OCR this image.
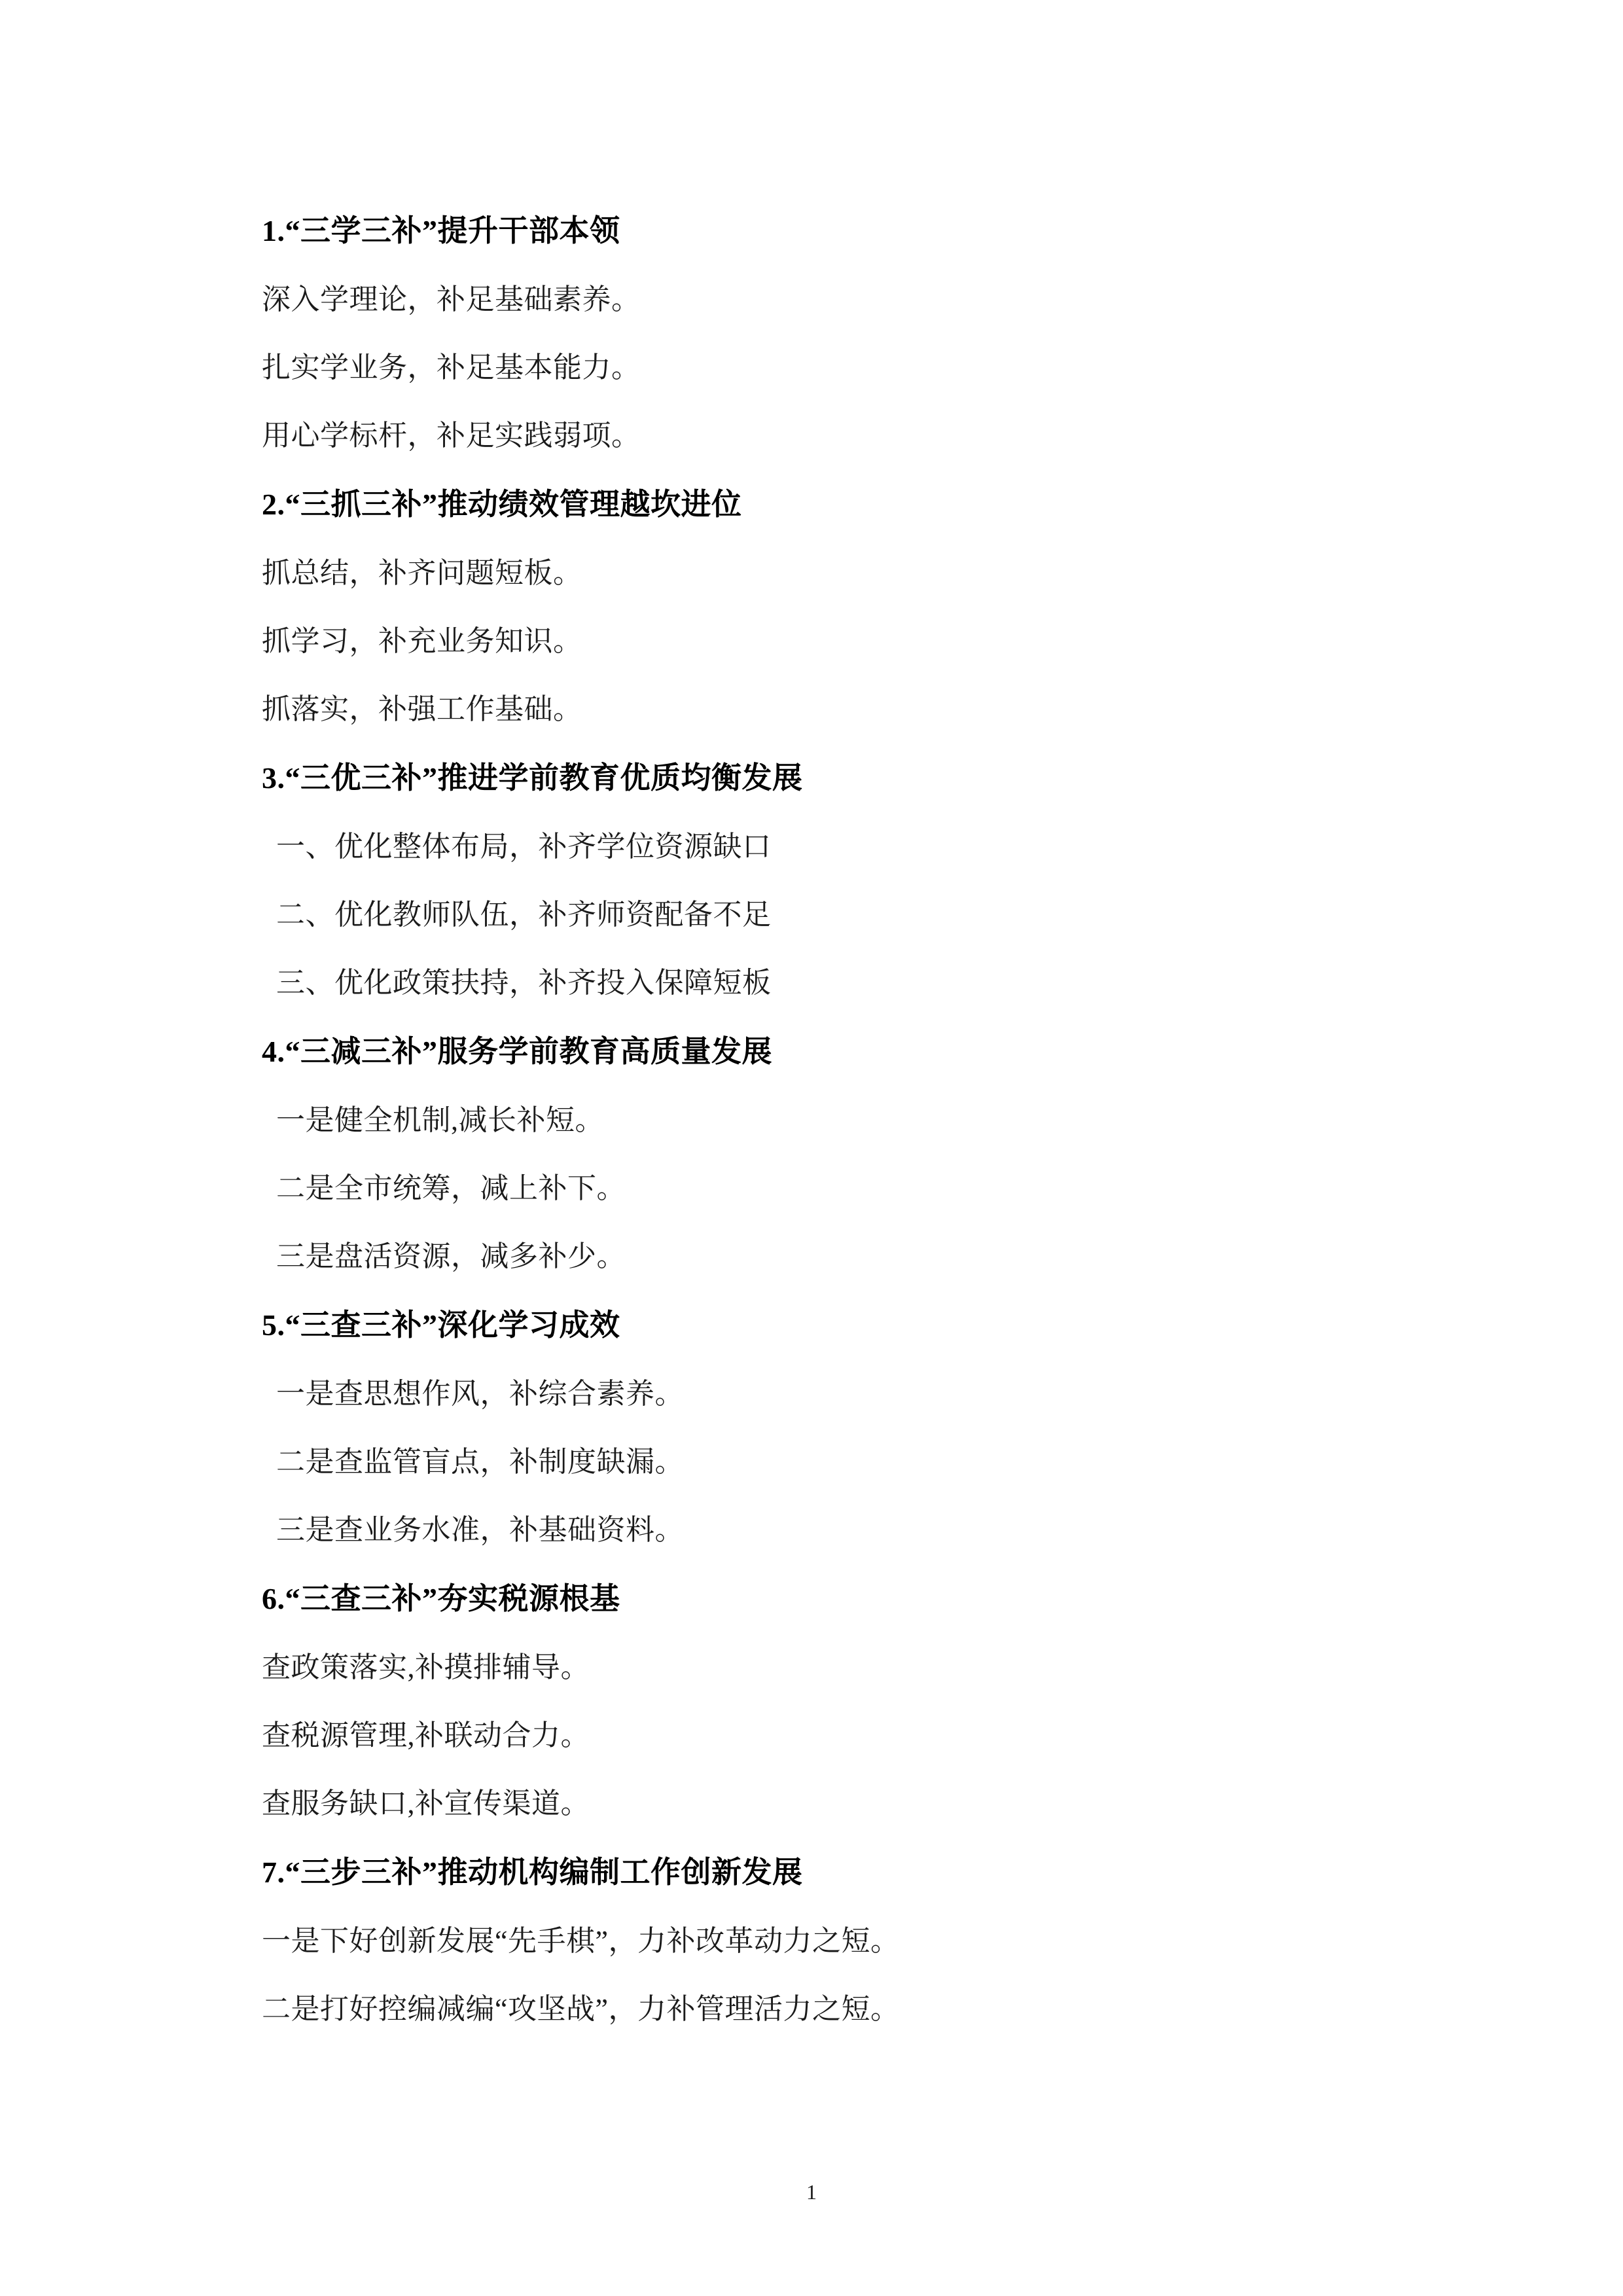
1.“三学三补”提升干部本领

深入学理论，补足基础素养。

扎实学业务，补足基本能力。

用心学标杆，补足实践弱项。

2.“三抓三补”推动绩效管理越坎进位

抓总结，补齐问题短板。

抓学习，补充业务知识。

抓落实，补强工作基础。

3.“三优三补”推进学前教育优质均衡发展

一、优化整体布局，补齐学位资源缺口

二、优化教师队伍，补齐师资配备不足

三、优化政策扶持，补齐投入保障短板

4.“三减三补”服务学前教育高质量发展

一是健全机制,减长补短。

二是全市统筹，减上补下。

三是盘活资源，减多补少。

5.“三查三补”深化学习成效

一是查思想作风，补综合素养。

二是查监管盲点，补制度缺漏。

三是查业务水准，补基础资料。

6.“三查三补”夯实税源根基

查政策落实,补摸排辅导。

查税源管理,补联动合力。

查服务缺口,补宣传渠道。

7.“三步三补”推动机构编制工作创新发展

一是下好创新发展“先手棋”，力补改革动力之短。

二是打好控编减编“攻坚战”，力补管理活力之短。

1
